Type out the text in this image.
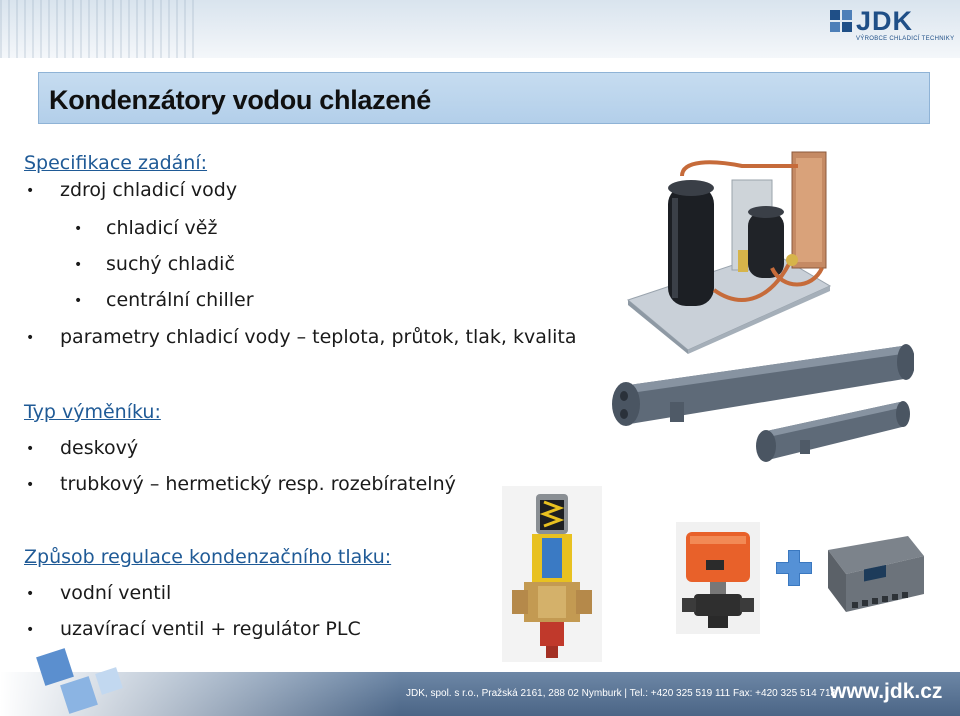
JDK
VÝROBCE CHLADICÍ TECHNIKY
Kondenzátory vodou chlazené
Specifikace zadání:
• zdroj chladicí vody
• chladicí věž
• suchý chladič
• centrální chiller
• parametry chladicí vody – teplota, průtok, tlak, kvalita
Typ výměníku:
• deskový
• trubkový – hermetický resp. rozebíratelný
Způsob regulace kondenzačního tlaku:
• vodní ventil
• uzavírací ventil + regulátor PLC
JDK, spol. s r.o., Pražská 2161, 288 02 Nymburk | Tel.: +420 325 519 111 Fax: +420 325 514 718
www.jdk.cz
